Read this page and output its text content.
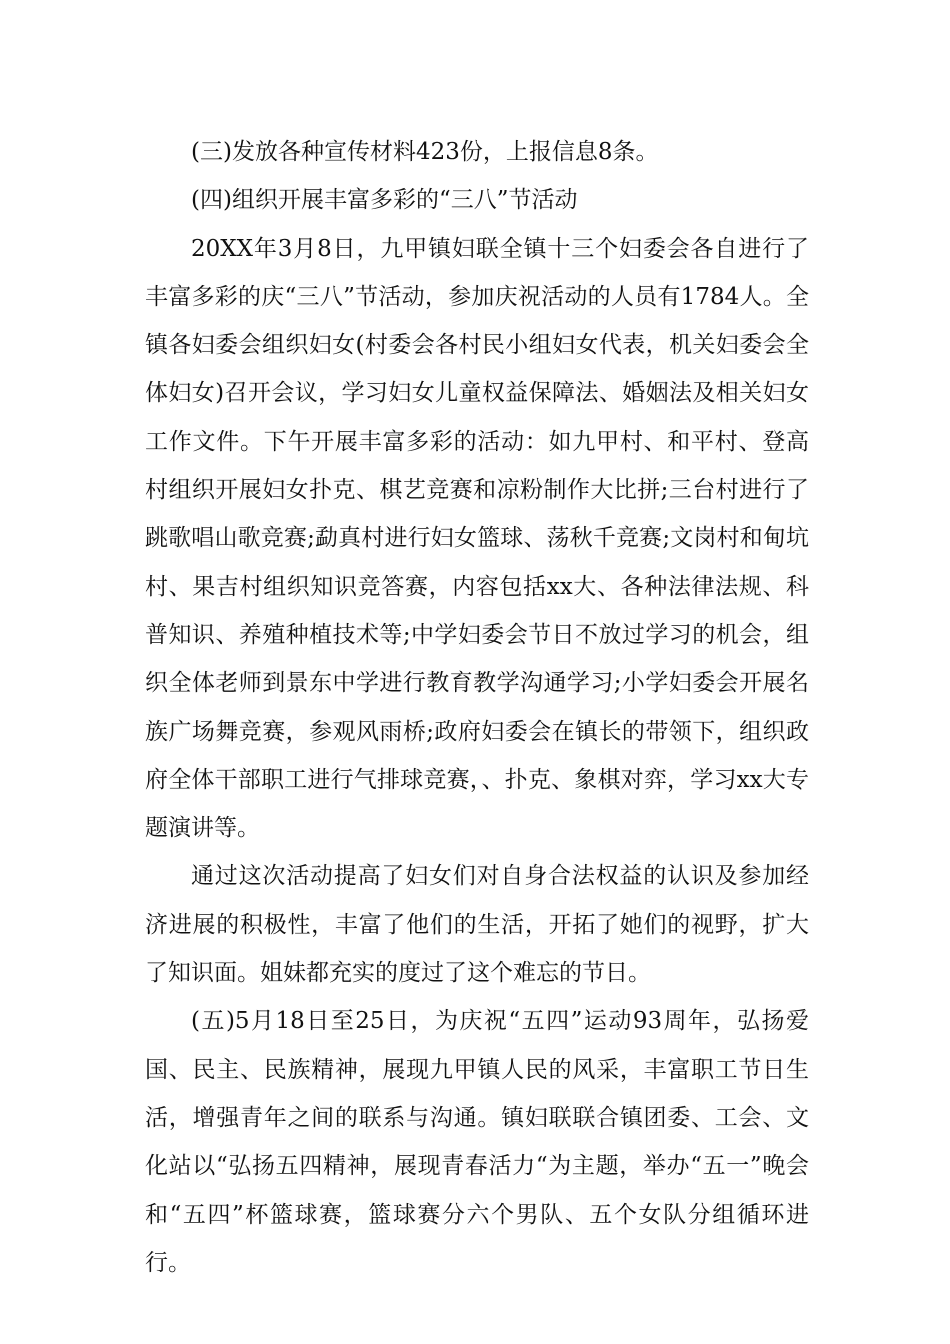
(三)发放各种宣传材料423份，上报信息8条。

(四)组织开展丰富多彩的“三八”节活动

20XX年3月8日，九甲镇妇联全镇十三个妇委会各自进行了丰富多彩的庆“三八”节活动，参加庆祝活动的人员有1784人。全镇各妇委会组织妇女(村委会各村民小组妇女代表，机关妇委会全体妇女)召开会议，学习妇女儿童权益保障法、婚姻法及相关妇女工作文件。下午开展丰富多彩的活动：如九甲村、和平村、登高村组织开展妇女扑克、棋艺竞赛和凉粉制作大比拼;三台村进行了跳歌唱山歌竞赛;勐真村进行妇女篮球、荡秋千竞赛;文岗村和甸坑村、果吉村组织知识竞答赛，内容包括xx大、各种法律法规、科普知识、养殖种植技术等;中学妇委会节日不放过学习的机会，组织全体老师到景东中学进行教育教学沟通学习;小学妇委会开展名族广场舞竞赛，参观风雨桥;政府妇委会在镇长的带领下，组织政府全体干部职工进行气排球竞赛，、扑克、象棋对弈，学习xx大专题演讲等。

通过这次活动提高了妇女们对自身合法权益的认识及参加经济进展的积极性，丰富了他们的生活，开拓了她们的视野，扩大了知识面。姐妹都充实的度过了这个难忘的节日。

(五)5月18日至25日，为庆祝“五四”运动93周年，弘扬爱国、民主、民族精神，展现九甲镇人民的风采，丰富职工节日生活，增强青年之间的联系与沟通。镇妇联联合镇团委、工会、文化站以“弘扬五四精神，展现青春活力“为主题，举办“五一”晚会和“五四”杯篮球赛，篮球赛分六个男队、五个女队分组循环进行。
